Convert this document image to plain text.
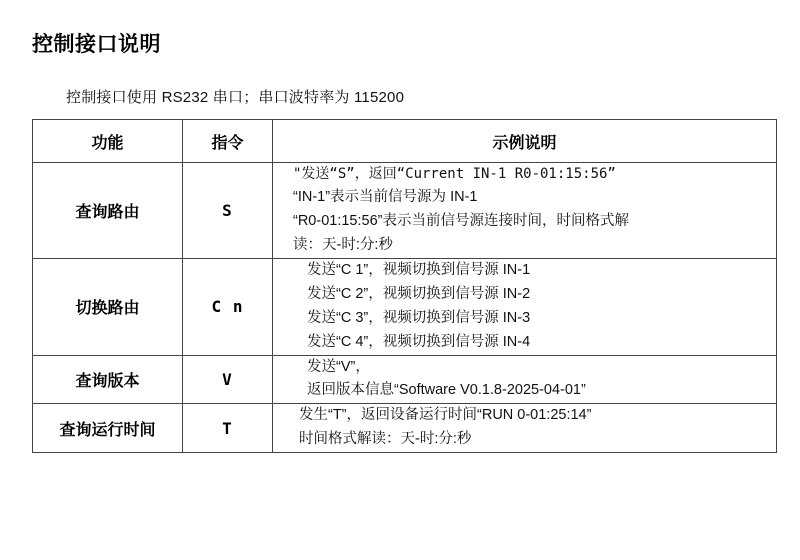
控制接口说明

控制接口使用 RS232 串口；串口波特率为 115200

功能	指令	示例说明
查询路由	S	"发送“S”，返回“Current IN-1 R0-01:15:56”
“IN-1”表示当前信号源为 IN-1
“R0-01:15:56”表示当前信号源连接时间，时间格式解
读：天-时:分:秒

切换路由	C n	发送“C 1”，视频切换到信号源 IN-1
发送“C 2”，视频切换到信号源 IN-2
发送“C 3”，视频切换到信号源 IN-3
发送“C 4”，视频切换到信号源 IN-4

查询版本	V	发送“V”，
返回版本信息“Software V0.1.8-2025-04-01”

查询运行时间	T	发生“T”，返回设备运行时间“RUN 0-01:25:14”
时间格式解读：天-时:分:秒
